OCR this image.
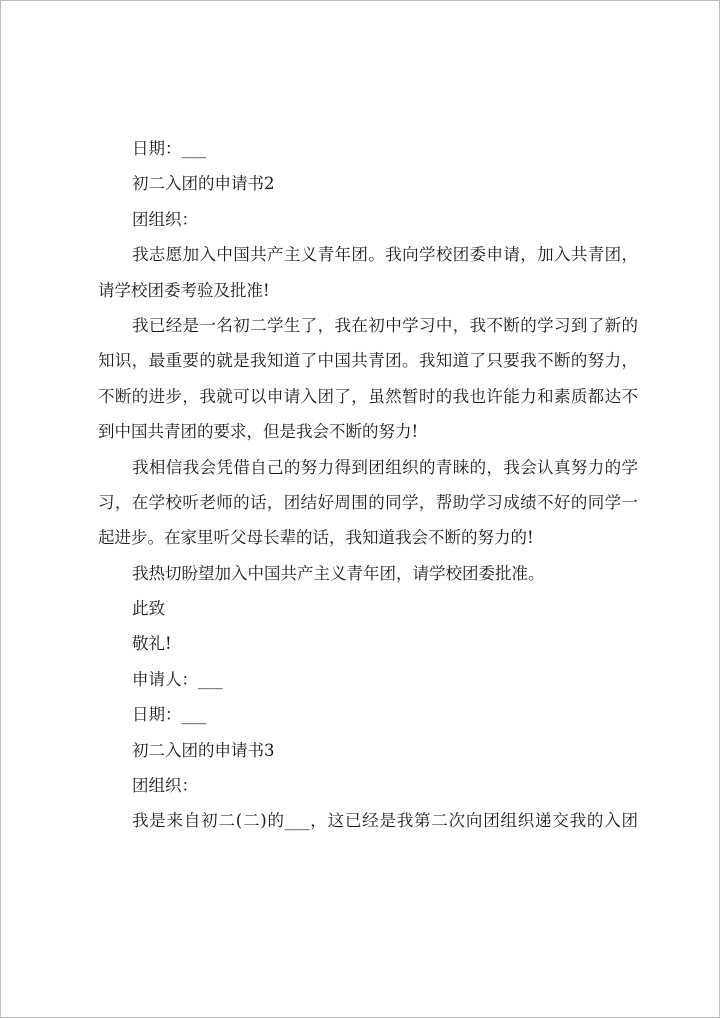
日期：___
初二入团的申请书2
团组织：
我志愿加入中国共产主义青年团。我向学校团委申请，加入共青团，
请学校团委考验及批准!
我已经是一名初二学生了，我在初中学习中，我不断的学习到了新的
知识，最重要的就是我知道了中国共青团。我知道了只要我不断的努力，
不断的进步，我就可以申请入团了，虽然暂时的我也许能力和素质都达不
到中国共青团的要求，但是我会不断的努力!
我相信我会凭借自己的努力得到团组织的青睐的，我会认真努力的学
习，在学校听老师的话，团结好周围的同学，帮助学习成绩不好的同学一
起进步。在家里听父母长辈的话，我知道我会不断的努力的!
我热切盼望加入中国共产主义青年团，请学校团委批准。
此致
敬礼!
申请人：___
日期：___
初二入团的申请书3
团组织：
我是来自初二(二)的___，这已经是我第二次向团组织递交我的入团
